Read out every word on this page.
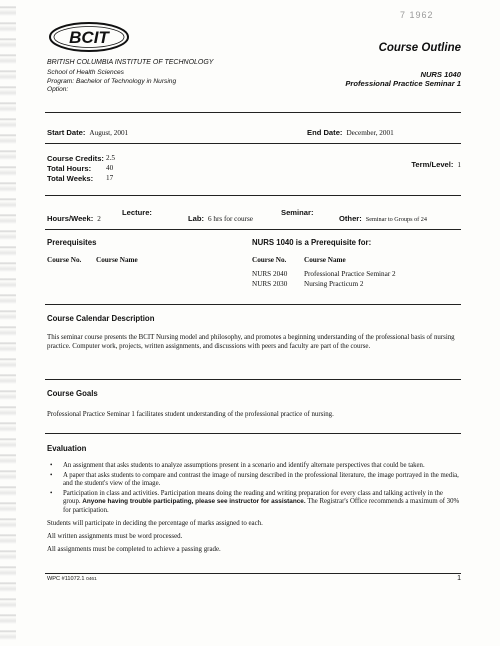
7 1962
BCIT
BRITISH COLUMBIA INSTITUTE OF TECHNOLOGY
School of Health Sciences
Program: Bachelor of Technology in Nursing
Option:
Course Outline
NURS 1040
Professional Practice Seminar 1
Start Date: August, 2001	End Date: December, 2001
Course Credits: 2.5
Total Hours: 40
Total Weeks: 17
Term/Level: 1
Hours/Week: 2
Lecture:
Lab: 6 hrs for course
Seminar:
Other: Seminar to Groups of 24
Prerequisites
Course No. Course Name
NURS 1040 is a Prerequisite for:
Course No. Course Name
NURS 2040 Professional Practice Seminar 2
NURS 2030 Nursing Practicum 2
Course Calendar Description
This seminar course presents the BCIT Nursing model and philosophy, and promotes a beginning understanding of the professional basis of nursing practice. Computer work, projects, written assignments, and discussions with peers and faculty are part of the course.
Course Goals
Professional Practice Seminar 1 facilitates student understanding of the professional practice of nursing.
Evaluation
• An assignment that asks students to analyze assumptions present in a scenario and identify alternate perspectives that could be taken.
• A paper that asks students to compare and contrast the image of nursing described in the professional literature, the image portrayed in the media, and the student's view of the image.
• Participation in class and activities. Participation means doing the reading and writing preparation for every class and talking actively in the group. Anyone having trouble participating, please see instructor for assistance. The Registrar's Office recommends a maximum of 30% for participation.
Students will participate in deciding the percentage of marks assigned to each.
All written assignments must be word processed.
All assignments must be completed to achieve a passing grade.
WPC #11072.1 0461	1
